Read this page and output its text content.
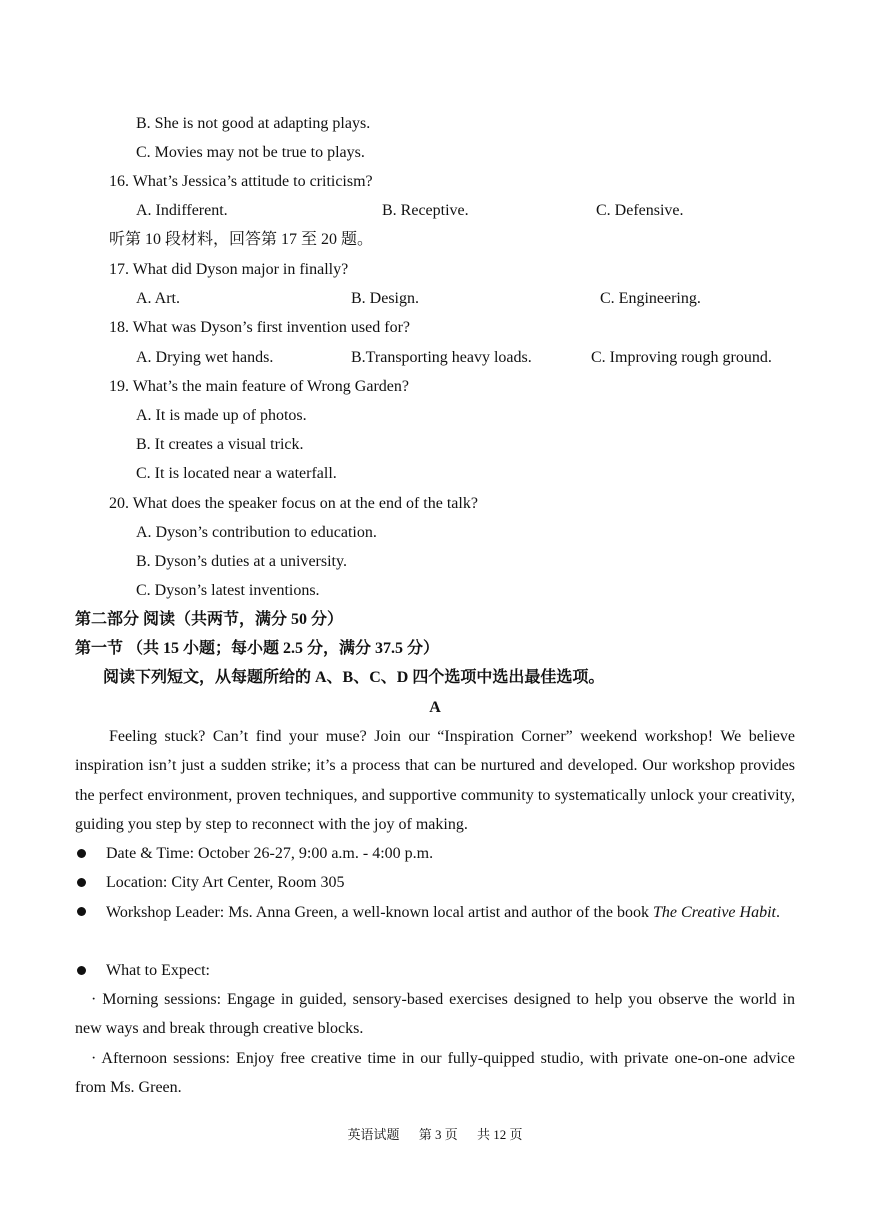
B. She is not good at adapting plays.
C. Movies may not be true to plays.
16. What’s Jessica’s attitude to criticism?
A. Indifferent.	B. Receptive.	C. Defensive.
听第 10 段材料，回答第 17 至 20 题。
17. What did Dyson major in finally?
A. Art.	B. Design.	C. Engineering.
18. What was Dyson’s first invention used for?
A. Drying wet hands.	B.Transporting heavy loads.	C. Improving rough ground.
19. What’s the main feature of Wrong Garden?
A. It is made up of photos.
B. It creates a visual trick.
C. It is located near a waterfall.
20. What does the speaker focus on at the end of the talk?
A. Dyson’s contribution to education.
B. Dyson’s duties at a university.
C. Dyson’s latest inventions.
第二部分 阅读（共两节，满分 50 分）
第一节 （共 15 小题；每小题 2.5 分，满分 37.5 分）
阅读下列短文，从每题所给的 A、B、C、D 四个选项中选出最佳选项。
A
Feeling stuck? Can’t find your muse? Join our “Inspiration Corner” weekend workshop! We believe inspiration isn’t just a sudden strike; it’s a process that can be nurtured and developed. Our workshop provides the perfect environment, proven techniques, and supportive community to systematically unlock your creativity, guiding you step by step to reconnect with the joy of making.
Date & Time: October 26-27, 9:00 a.m. - 4:00 p.m.
Location: City Art Center, Room 305
Workshop Leader: Ms. Anna Green, a well-known local artist and author of the book The Creative Habit.
What to Expect:
· Morning sessions: Engage in guided, sensory-based exercises designed to help you observe the world in new ways and break through creative blocks.
· Afternoon sessions: Enjoy free creative time in our fully-quipped studio, with private one-on-one advice from Ms. Green.
英语试题 第 3 页 共 12 页
